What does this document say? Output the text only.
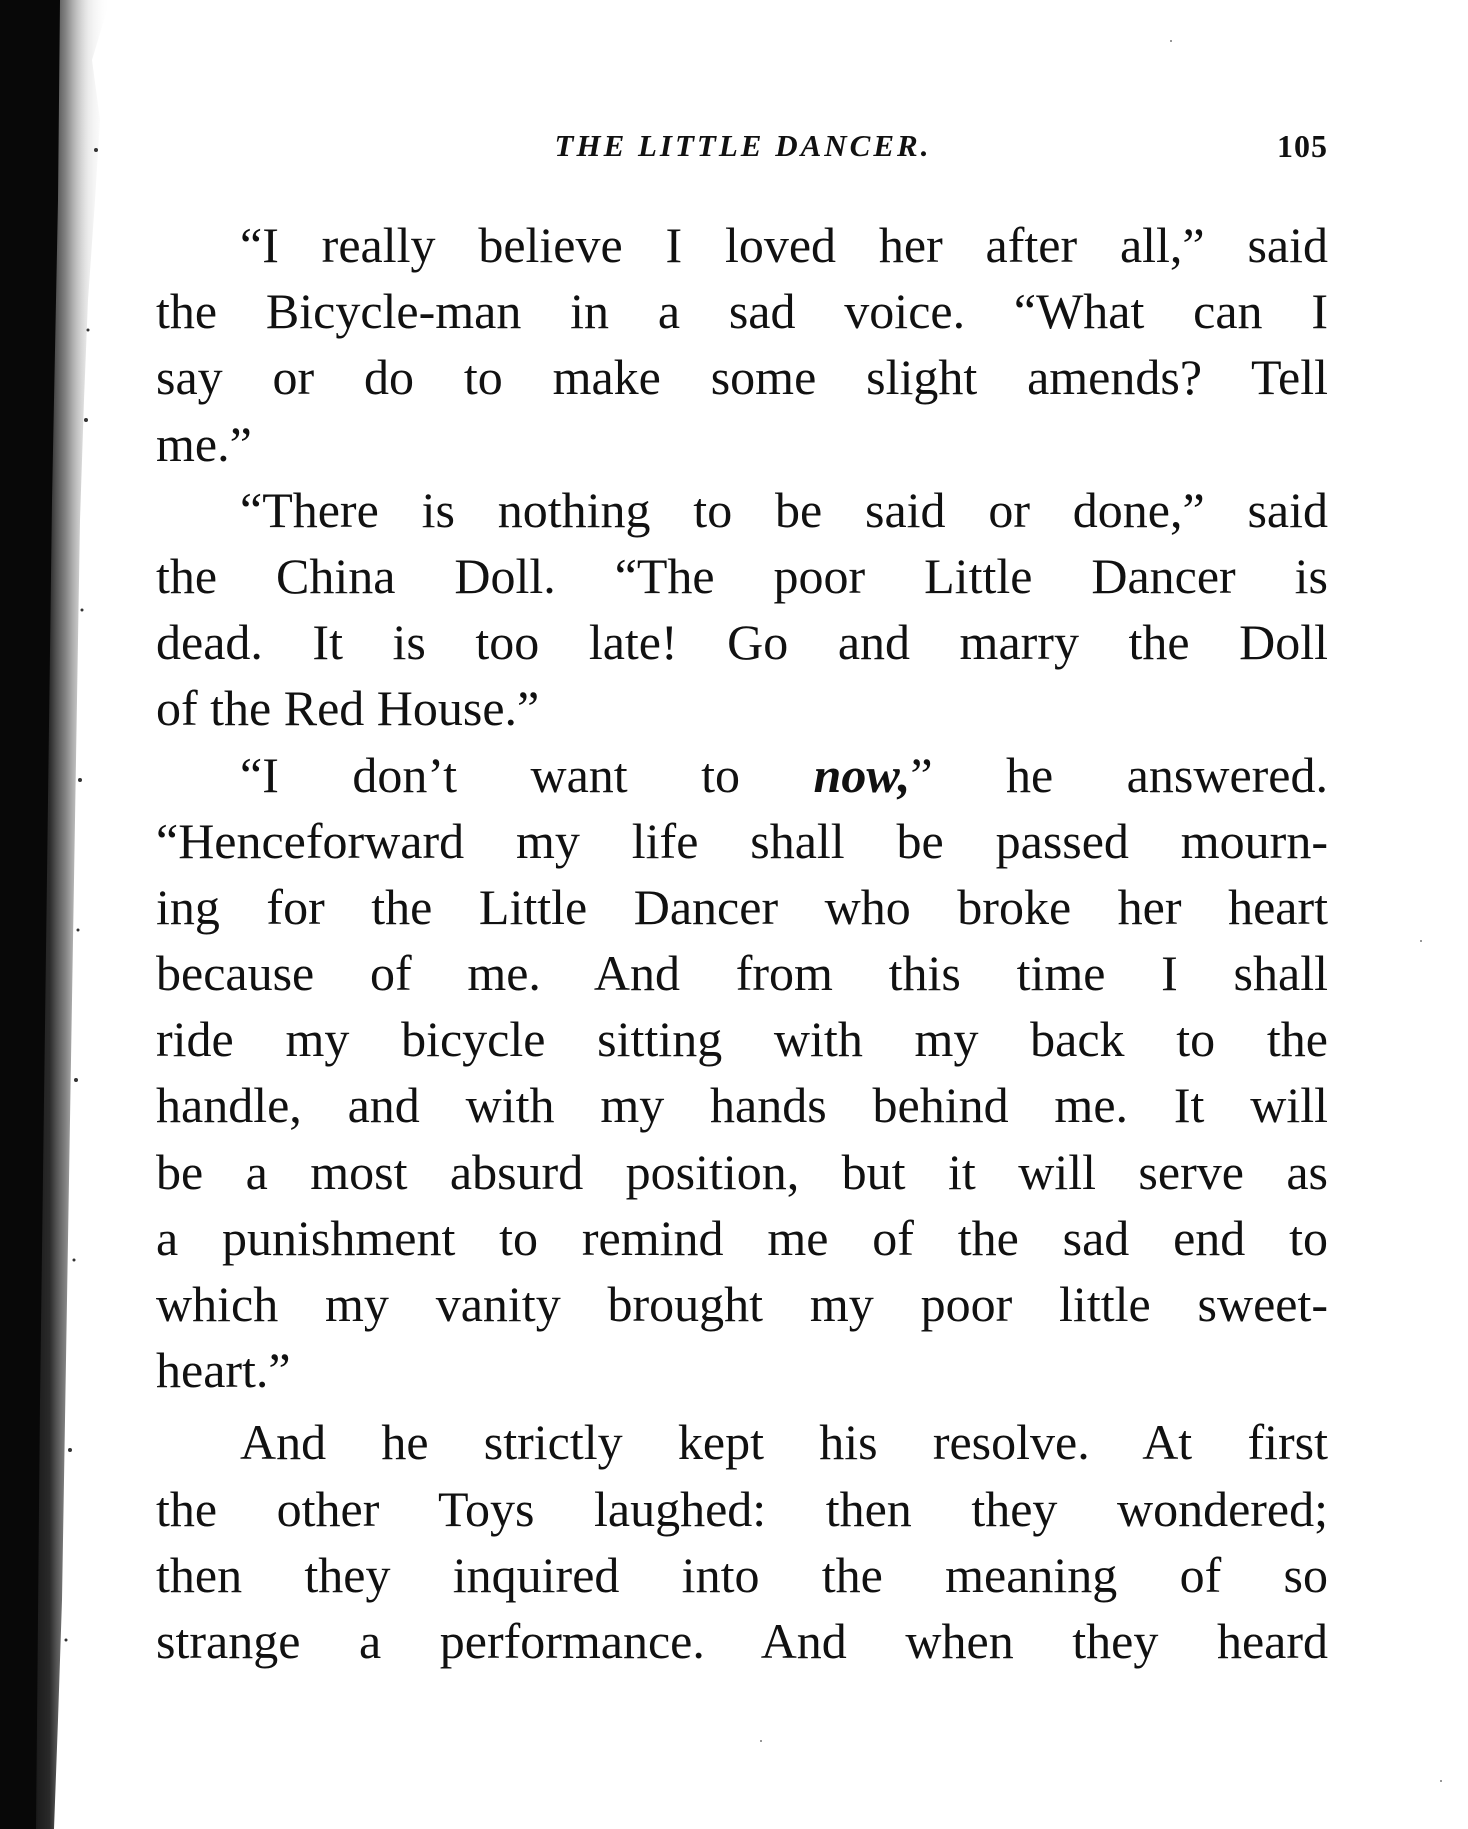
THE LITTLE DANCER.	105
“I really believe I loved her after all,” said
the Bicycle-man in a sad voice. “What can I
say or do to make some slight amends? Tell
me.”
“There is nothing to be said or done,” said
the China Doll. “The poor Little Dancer is
dead. It is too late! Go and marry the Doll
of the Red House.”
“I don’t want to now,” he answered.
“Henceforward my life shall be passed mourn-
ing for the Little Dancer who broke her heart
because of me. And from this time I shall
ride my bicycle sitting with my back to the
handle, and with my hands behind me. It will
be a most absurd position, but it will serve as
a punishment to remind me of the sad end to
which my vanity brought my poor little sweet-
heart.”
And he strictly kept his resolve. At first
the other Toys laughed: then they wondered;
then they inquired into the meaning of so
strange a performance. And when they heard
